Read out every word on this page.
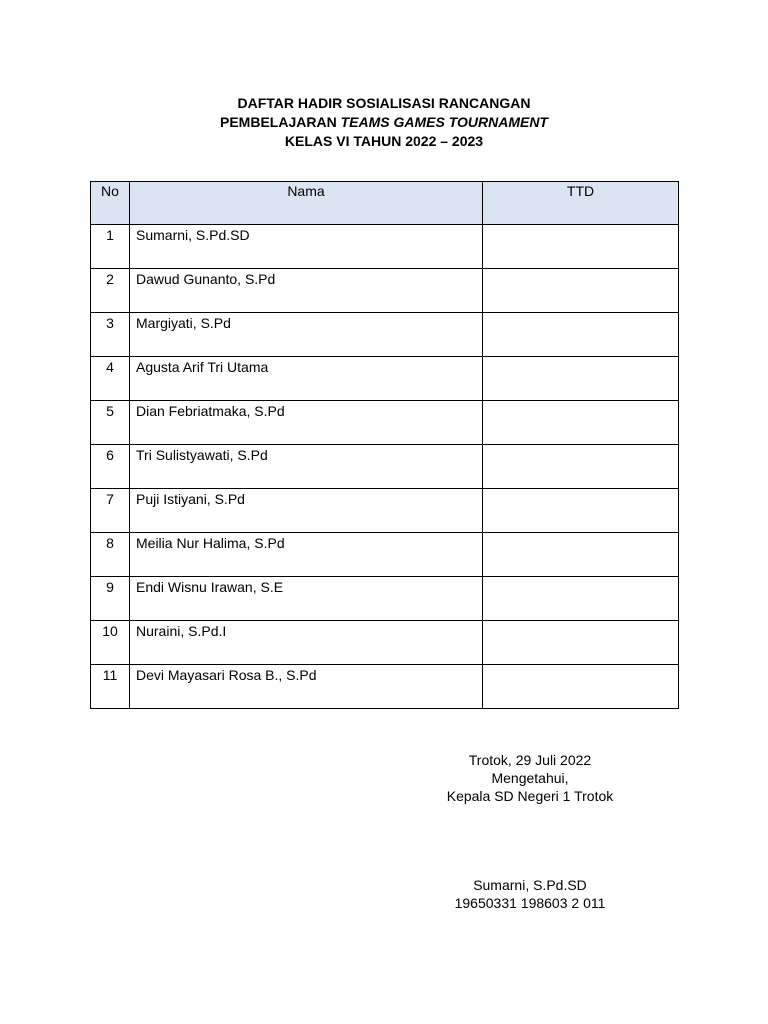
DAFTAR HADIR SOSIALISASI RANCANGAN
PEMBELAJARAN TEAMS GAMES TOURNAMENT
KELAS VI TAHUN 2022 – 2023
No	Nama	TTD
1	Sumarni, S.Pd.SD	
2	Dawud Gunanto, S.Pd	
3	Margiyati, S.Pd	
4	Agusta Arif Tri Utama	
5	Dian Febriatmaka, S.Pd	
6	Tri Sulistyawati, S.Pd	
7	Puji Istiyani, S.Pd	
8	Meilia Nur Halima, S.Pd	
9	Endi Wisnu Irawan, S.E	
10	Nuraini, S.Pd.I	
11	Devi Mayasari Rosa B., S.Pd	
Trotok, 29 Juli 2022
Mengetahui,
Kepala SD Negeri 1 Trotok
Sumarni, S.Pd.SD
19650331 198603 2 011
